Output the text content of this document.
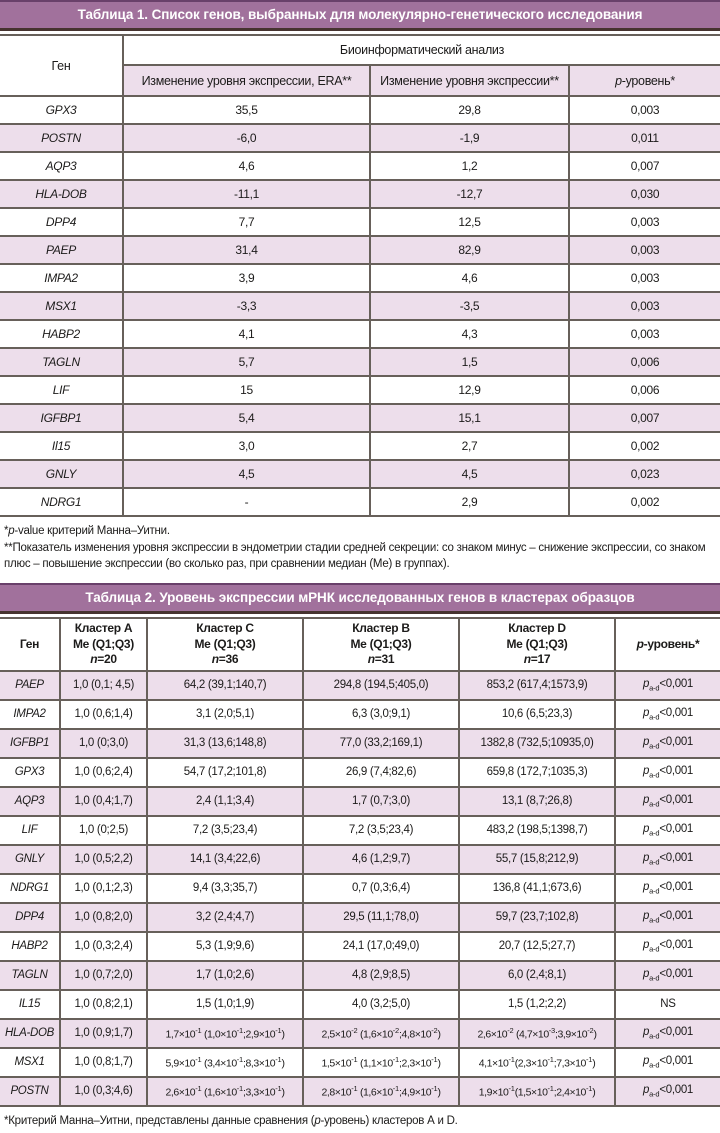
Таблица 1. Список генов, выбранных для молекулярно-генетического исследования
Ген	Биоинформатический анализ		
	Изменение уровня экспрессии, ERA**	Изменение уровня экспрессии**	p-уровень*
GPX3	35,5	29,8	0,003
POSTN	-6,0	-1,9	0,011
AQP3	4,6	1,2	0,007
HLA-DOB	-11,1	-12,7	0,030
DPP4	7,7	12,5	0,003
PAEP	31,4	82,9	0,003
IMPA2	3,9	4,6	0,003
MSX1	-3,3	-3,5	0,003
HABP2	4,1	4,3	0,003
TAGLN	5,7	1,5	0,006
LIF	15	12,9	0,006
IGFBP1	5,4	15,1	0,007
Il15	3,0	2,7	0,002
GNLY	4,5	4,5	0,023
NDRG1	-	2,9	0,002

*p-value критерий Манна–Уитни.

**Показатель изменения уровня экспрессии в эндометрии стадии средней секреции: со знаком минус – снижение экспрессии, со знаком плюс – повышение экспрессии (во сколько раз, при сравнении медиан (Ме) в группах).

Таблица 2. Уровень экспрессии мРНК исследованных генов в кластерах образцов
Ген	Кластер А
Ме (Q1;Q3)
n=20	Кластер С
Ме (Q1;Q3)
n=36	Кластер В
Ме (Q1;Q3)
n=31	Кластер D
Ме (Q1;Q3)
n=17	p-уровень*
PAEP	1,0 (0,1; 4,5)	64,2 (39,1;140,7)	294,8 (194,5;405,0)	853,2 (617,4;1573,9)	$p_{a-d}<0,001$
IMPA2	1,0 (0,6;1,4)	3,1 (2,0;5,1)	6,3 (3,0;9,1)	10,6 (6,5;23,3)	$p_{a-d}<0,001$
IGFBP1	1,0 (0;3,0)	31,3 (13,6;148,8)	77,0 (33,2;169,1)	1382,8 (732,5;10935,0)	$p_{a-d}<0,001$
GPX3	1,0 (0,6;2,4)	54,7 (17,2;101,8)	26,9 (7,4;82,6)	659,8 (172,7;1035,3)	$p_{a-d}<0,001$
AQP3	1,0 (0,4;1,7)	2,4 (1,1;3,4)	1,7 (0,7;3,0)	13,1 (8,7;26,8)	$p_{a-d}<0,001$
LIF	1,0 (0;2,5)	7,2 (3,5;23,4)	7,2 (3,5;23,4)	483,2 (198,5;1398,7)	$p_{a-d}<0,001$
GNLY	1,0 (0,5;2,2)	14,1 (3,4;22,6)	4,6 (1,2;9,7)	55,7 (15,8;212,9)	$p_{a-d}<0,001$
NDRG1	1,0 (0,1;2,3)	9,4 (3,3;35,7)	0,7 (0,3;6,4)	136,8 (41,1;673,6)	$p_{a-d}<0,001$
DPP4	1,0 (0,8;2,0)	3,2 (2,4;4,7)	29,5 (11,1;78,0)	59,7 (23,7;102,8)	$p_{a-d}<0,001$
HABP2	1,0 (0,3;2,4)	5,3 (1,9;9,6)	24,1 (17,0;49,0)	20,7 (12,5;27,7)	$p_{a-d}<0,001$
TAGLN	1,0 (0,7;2,0)	1,7 (1,0;2,6)	4,8 (2,9;8,5)	6,0 (2,4;8,1)	$p_{a-d}<0,001$
IL15	1,0 (0,8;2,1)	1,5 (1,0;1,9)	4,0 (3,2;5,0)	1,5 (1,2;2,2)	NS
HLA-DOB	1,0 (0,9;1,7)	$1,7\times 10^{-1}$ $(1,0\times 10^{-1};2,9\times 10^{-1})$	$2,5\times 10^{-2}$ $(1,6\times 10^{-2};4,8\times 10^{-2})$	$2,6\times 10^{-2}$ $(4,7\times 10^{-3};3,9\times 10^{-2})$	$p_{a-d}<0,001$
MSX1	1,0 (0,8;1,7)	$5,9\times 10^{-1}$ $(3,4\times 10^{-1};8,3\times 10^{-1})$	$1,5\times 10^{-1}$ $(1,1\times 10^{-1};2,3\times 10^{-1})$	$4,1\times 10^{-1}(2,3\times 10^{-1};7,3\times 10^{-1})$	$p_{a-d}<0,001$
POSTN	1,0 (0,3;4,6)	$2,6\times 10^{-1}$ $(1,6\times 10^{-1};3,3\times 10^{-1})$	$2,8\times 10^{-1}$ $(1,6\times 10^{-1};4,9\times 10^{-1})$	$1,9\times 10^{-1}(1,5\times 10^{-1};2,4\times 10^{-1})$	$p_{a-d}<0,001$

*Критерий Манна–Уитни, представлены данные сравнения (p-уровень) кластеров А и D.
